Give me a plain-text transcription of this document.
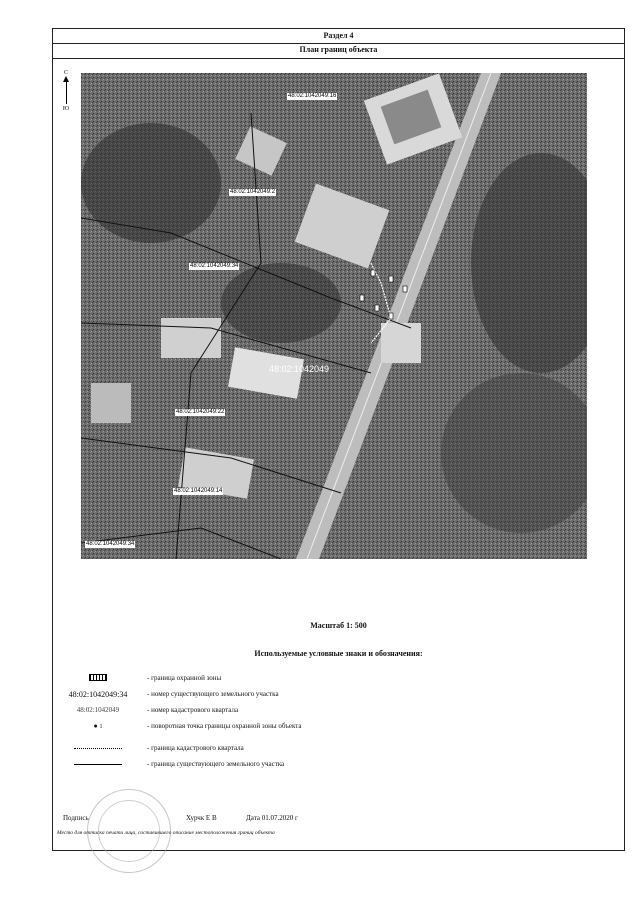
Раздел 4
План границ объекта
С
Ю
48:02:1042049:16
48:02:1042049:2
48:02:1042049:34
48:02:1042049
48:02:1042049:22
48:02:1042049:14
48:02:1042049:34
Масштаб 1: 500
Используемые условные знаки и обозначения:
- граница охранной зоны
48:02:1042049:34	- номер существующего земельного участка
48:02:1042049	- номер кадастрового квартала
● 1	- поворотная точка границы охранной зоны объекта
- граница кадастрового квартала
- граница существующего земельного участка
Подпись	Хурчк Е В	Дата 01.07.2020 г
Место для оттиска печати лица, составившего описание местоположения границ объекта
